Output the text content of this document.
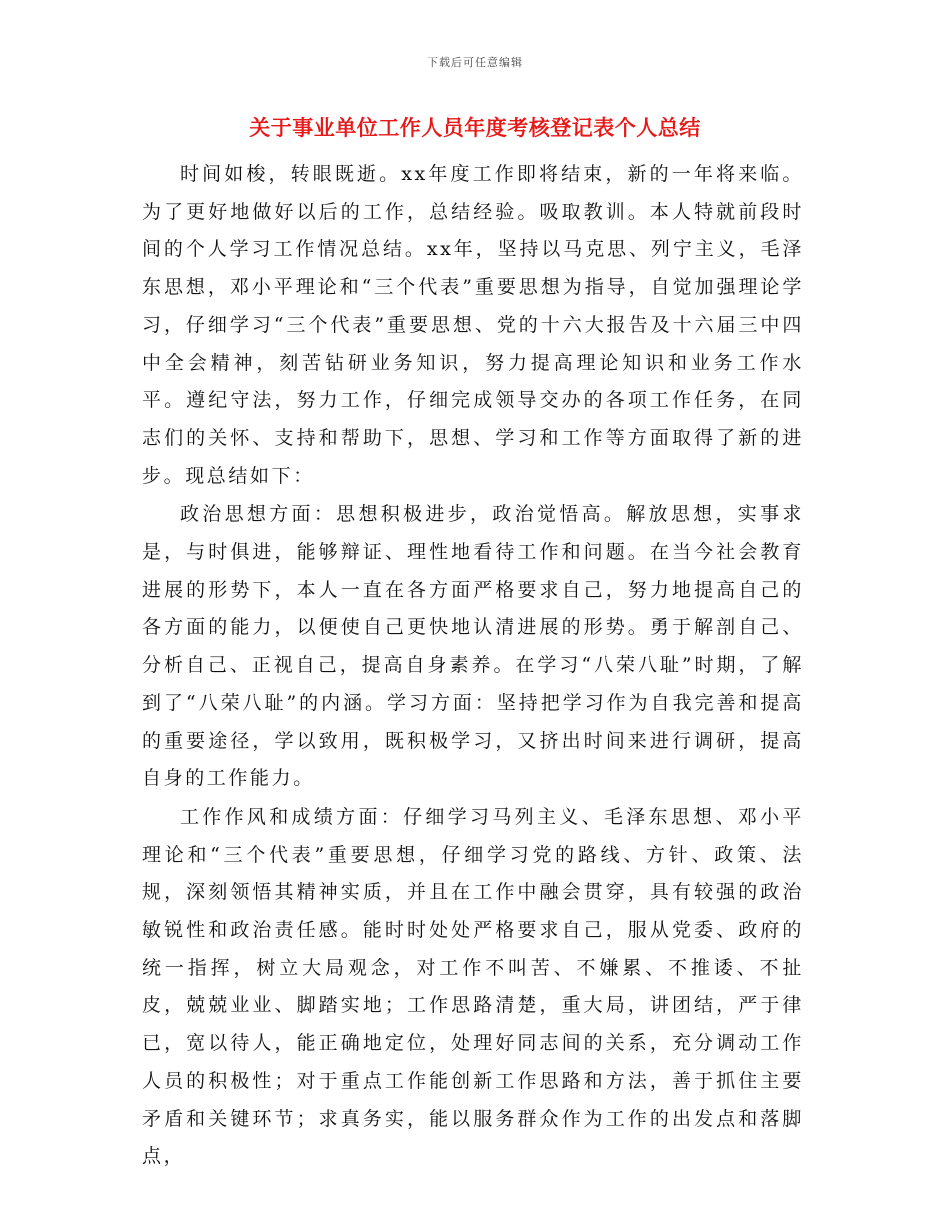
下载后可任意编辑
关于事业单位工作人员年度考核登记表个人总结

时间如梭，转眼既逝。xx年度工作即将结束，新的一年将来临。为了更好地做好以后的工作，总结经验。吸取教训。本人特就前段时间的个人学习工作情况总结。xx年，坚持以马克思、列宁主义，毛泽东思想，邓小平理论和“三个代表”重要思想为指导，自觉加强理论学习，仔细学习“三个代表”重要思想、党的十六大报告及十六届三中四中全会精神，刻苦钻研业务知识，努力提高理论知识和业务工作水平。遵纪守法，努力工作，仔细完成领导交办的各项工作任务，在同志们的关怀、支持和帮助下，思想、学习和工作等方面取得了新的进步。现总结如下：

政治思想方面：思想积极进步，政治觉悟高。解放思想，实事求是，与时俱进，能够辩证、理性地看待工作和问题。在当今社会教育进展的形势下，本人一直在各方面严格要求自己，努力地提高自己的各方面的能力，以便使自己更快地认清进展的形势。勇于解剖自己、分析自己、正视自己，提高自身素养。在学习“八荣八耻”时期，了解到了“八荣八耻”的内涵。学习方面：坚持把学习作为自我完善和提高的重要途径，学以致用，既积极学习，又挤出时间来进行调研，提高自身的工作能力。

工作作风和成绩方面：仔细学习马列主义、毛泽东思想、邓小平理论和“三个代表”重要思想，仔细学习党的路线、方针、政策、法规，深刻领悟其精神实质，并且在工作中融会贯穿，具有较强的政治敏锐性和政治责任感。能时时处处严格要求自己，服从党委、政府的统一指挥，树立大局观念，对工作不叫苦、不嫌累、不推诿、不扯皮，兢兢业业、脚踏实地；工作思路清楚，重大局，讲团结，严于律已，宽以待人，能正确地定位，处理好同志间的关系，充分调动工作人员的积极性；对于重点工作能创新工作思路和方法，善于抓住主要矛盾和关键环节；求真务实，能以服务群众作为工作的出发点和落脚点，
